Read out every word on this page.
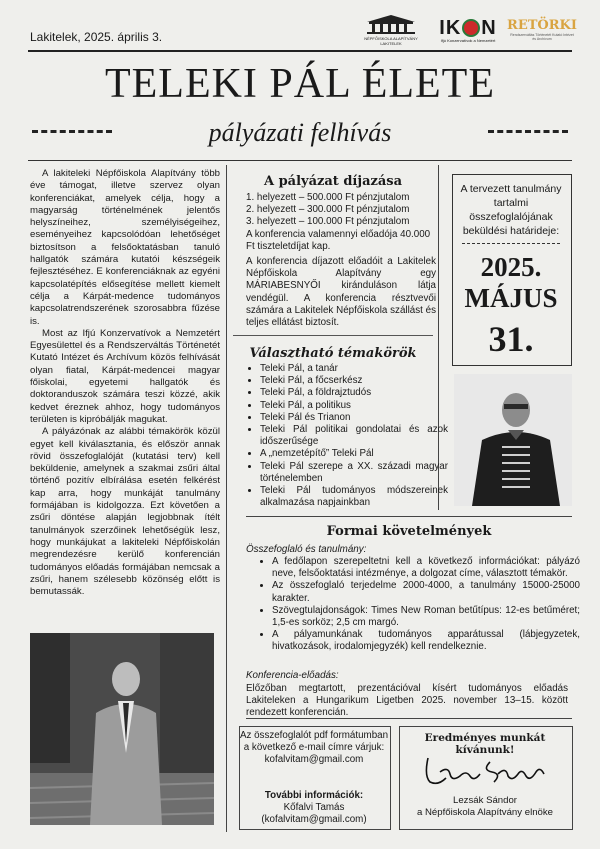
Lakitelek, 2025. április 3.	NÉPFŐISKOLA ALAPÍTVÁNY LAKITELEK
IK N
Ifjú Konzervatívok a Nemzetért
RETÖRKI
Rendszerváltás Történetét Kutató Intézet és Archívum
TELEKI PÁL ÉLETE
pályázati felhívás

A lakiteleki Népfőiskola Alapítvány több éve támogat, illetve szervez olyan konferenciákat, amelyek célja, hogy a magyarság történelmének jelentős helyszíneihez, személyiségeihez, eseményeihez kapcsolódóan lehetőséget biztosítson a felsőoktatásban tanuló hallgatók számára kutatói készségeik fejlesztéséhez. E konferenciáknak az egyéni kapcsolatépítés elősegítése mellett kiemelt célja a Kárpát-medence tudományos kapcsolatrendszerének szorosabbra fűzése is.

Most az Ifjú Konzervatívok a Nemzetért Egyesülettel és a Rendszerváltás Történetét Kutató Intézet és Archívum közös felhívását olyan fiatal, Kárpát-medencei magyar főiskolai, egyetemi hallgatók és doktoranduszok számára teszi közzé, akik kedvet éreznek ahhoz, hogy tudományos területen is kipróbálják magukat.

A pályázónak az alábbi témakörök közül egyet kell kiválasztania, és először annak rövid összefoglalóját (kutatási terv) kell beküldenie, amelynek a szakmai zsűri által történő pozitív elbírálása esetén felkérést kap arra, hogy munkáját tanulmány formájában is kidolgozza. Ezt követően a zsűri döntése alapján legjobbnak ítélt tanulmányok szerzőinek lehetőségük lesz, hogy munkájukat a lakiteleki Népfőiskolán megrendezésre kerülő konferencián tudományos előadás formájában nemcsak a zsűri, hanem szélesebb közönség előtt is bemutassák.

A pályázat díjazása
1. helyezett – 500.000 Ft pénzjutalom
2. helyezett – 300.000 Ft pénzjutalom
3. helyezett – 100.000 Ft pénzjutalom
A konferencia valamennyi előadója 40.000 Ft tiszteletdíjat kap.
A konferencia díjazott előadóit a Lakitelek Népfőiskola Alapítvány egy MÁRIABESNYŐI kiránduláson látja vendégül. A konferencia résztvevői számára a Lakitelek Népfőiskola szállást és teljes ellátást biztosít.
Választható témakörök
• Teleki Pál, a tanár
• Teleki Pál, a főcserkész
• Teleki Pál, a földrajztudós
• Teleki Pál, a politikus
• Teleki Pál és Trianon
• Teleki Pál politikai gondolatai és azok időszerűsége
• A „nemzetépítő” Teleki Pál
• Teleki Pál szerepe a XX. századi magyar történelemben
• Teleki Pál tudományos módszereinek alkalmazása napjainkban
A tervezett tanulmány tartalmi összefoglalójának beküldési határideje:
2025.
MÁJUS
31.
Formai követelmények
Összefoglaló és tanulmány:
• A fedőlapon szerepeltetni kell a következő információkat: pályázó neve, felsőoktatási intézménye, a dolgozat címe, választott témakör.
• Az összefoglaló terjedelme 2000-4000, a tanulmány 15000-25000 karakter.
• Szövegtulajdonságok: Times New Roman betűtípus: 12-es betűméret; 1,5-es sorköz; 2,5 cm margó.
• A pályamunkának tudományos apparátussal (lábjegyzetek, hivatkozások, irodalomjegyzék) kell rendelkeznie.
Konferencia-előadás:
Előzőban megtartott, prezentációval kísért tudományos előadás Lakiteleken a Hungarikum Ligetben 2025. november 13–15. között rendezett konferencián.
Az összefoglalót pdf formátumban a következő e-mail címre várjuk:
kofalvitam@gmail.com
További információk:
Kőfalvi Tamás
(kofalvitam@gmail.com)
Eredményes munkát kívánunk!
Lezsák Sándor
a Népfőiskola Alapítvány elnöke
